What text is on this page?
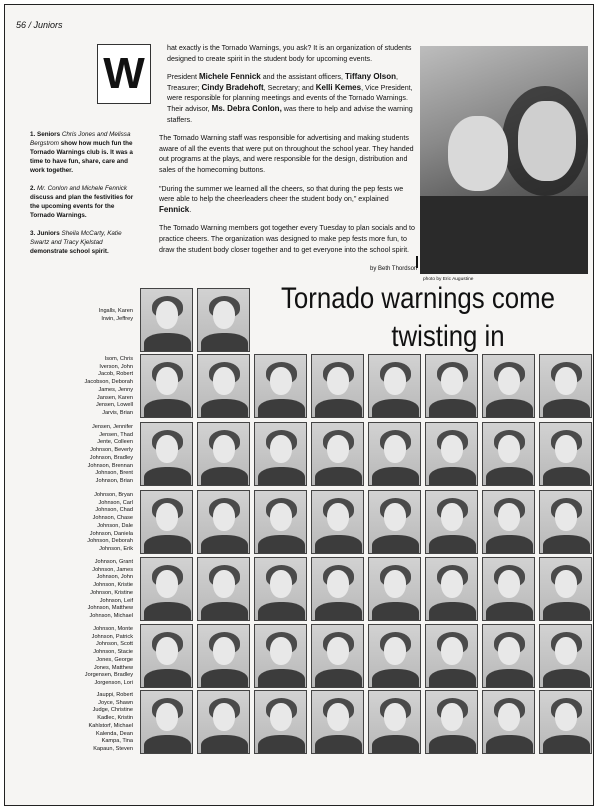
56 / Juniors
W

hat exactly is the Tornado Warnings, you ask? It is an organization of students designed to create spirit in the student body for upcoming events.

President Michele Fennick and the assistant officers, Tiffany Olson, Treasurer; Cindy Bradehoft, Secretary; and Kelli Kemes, Vice President, were responsible for planning meetings and events of the Tornado Warnings. Their advisor, Ms. Debra Conlon, was there to help and advise the warning staffers.

The Tornado Warning staff was responsible for advertising and making students aware of all the events that were put on throughout the school year. They handed out programs at the plays, and were responsible for the design, distribution and sales of the homecoming buttons.

"During the summer we learned all the cheers, so that during the pep fests we were able to help the cheerleaders cheer the student body on," explained Fennick.

The Tornado Warning members got together every Tuesday to plan socials and to practice cheers. The organization was designed to make pep fests more fun, to draw the student body closer together and to get everyone into the school spirit.

by Beth Thordson

1. Seniors Chris Jones and Melissa Bergstrom show how much fun the Tornado Warnings club is. It was a time to have fun, share, care and work together.

2. Mr. Conlon and Michele Fennick discuss and plan the festivities for the upcoming events for the Tornado Warnings.

3. Juniors Sheila McCarty, Katie Swartz and Tracy Kjelstad demonstrate school spirit.

photo by Eric Augustine
Tornado warnings come
twisting in
Ingalls, Karen
Irwin, Jeffrey
Isom, Chris
Iverson, John
Jacob, Robert
Jacobson, Deborah
James, Jenny
Jansen, Karen
Jensen, Lowell
Jarvis, Brian
Jensen, Jennifer
Jensen, Thad
Jente, Colleen
Johnson, Beverly
Johnson, Bradley
Johnson, Brennan
Johnson, Brent
Johnson, Brian
Johnson, Bryan
Johnson, Carl
Johnson, Chad
Johnson, Chase
Johnson, Dale
Johnson, Daniela
Johnson, Deborah
Johnson, Erik
Johnson, Grant
Johnson, James
Johnson, John
Johnson, Kristie
Johnson, Kristine
Johnson, Leif
Johnson, Matthew
Johnson, Michael
Johnson, Monte
Johnson, Patrick
Johnson, Scott
Johnson, Stacie
Jones, George
Jones, Matthew
Jorgensen, Bradley
Jorgenson, Lori
Jauppi, Robert
Joyce, Shawn
Judge, Christine
Kadlec, Kristin
Kahlstorf, Michael
Kalenda, Dean
Kampa, Tina
Kapaun, Steven
